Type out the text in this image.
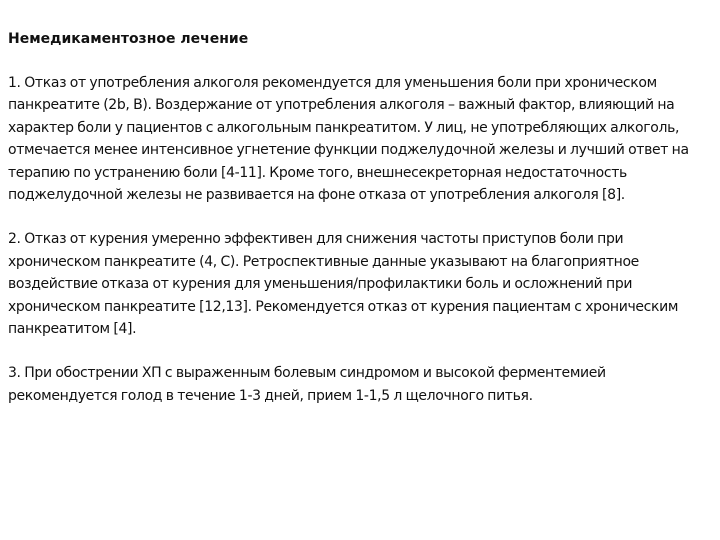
Немедикаментозное лечение

1. Отказ от употребления алкоголя рекомендуется для уменьшения боли при хроническом панкреатите (2b, B). Воздержание от употребления алкоголя – важный фактор, влияющий на характер боли у пациентов с алкогольным панкреатитом. У лиц, не употребляющих алкоголь, отмечается менее интенсивное угнетение функции поджелудочной железы и лучший ответ на терапию по устранению боли [4-11]. Кроме того, внешнесекреторная недостаточность поджелудочной железы не развивается на фоне отказа от употребления алкоголя [8].

2. Отказ от курения умеренно эффективен для снижения частоты приступов боли при хроническом панкреатите (4, C). Ретроспективные данные указывают на благоприятное воздействие отказа от курения для уменьшения/профилактики боль и осложнений при хроническом панкреатите [12,13]. Рекомендуется отказ от курения пациентам с хроническим панкреатитом [4].

3. При обострении ХП с выраженным болевым синдромом и высокой ферментемией рекомендуется голод в течение 1-3 дней, прием 1-1,5 л щелочного питья.
